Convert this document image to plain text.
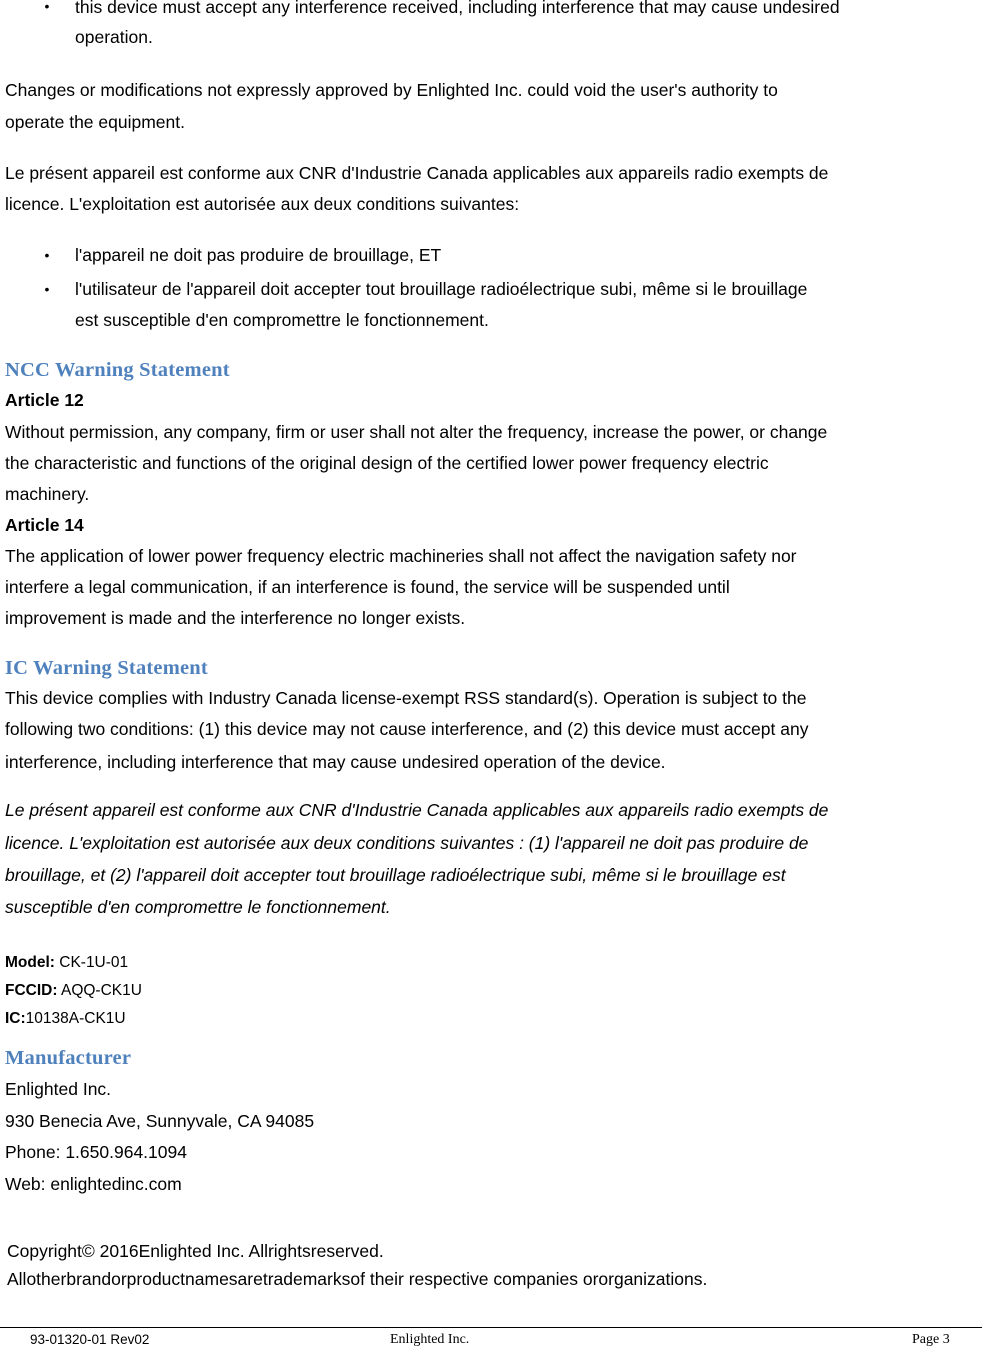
• this device must accept any interference received, including interference that may cause undesired
operation.
Changes or modifications not expressly approved by Enlighted Inc. could void the user's authority to
operate the equipment.
Le présent appareil est conforme aux CNR d'Industrie Canada applicables aux appareils radio exempts de
licence. L'exploitation est autorisée aux deux conditions suivantes:
• l'appareil ne doit pas produire de brouillage, ET
• l'utilisateur de l'appareil doit accepter tout brouillage radioélectrique subi, même si le brouillage
est susceptible d'en compromettre le fonctionnement.
NCC Warning Statement
Article 12
Without permission, any company, firm or user shall not alter the frequency, increase the power, or change
the characteristic and functions of the original design of the certified lower power frequency electric
machinery.
Article 14
The application of lower power frequency electric machineries shall not affect the navigation safety nor
interfere a legal communication, if an interference is found, the service will be suspended until
improvement is made and the interference no longer exists.
IC Warning Statement
This device complies with Industry Canada license-exempt RSS standard(s). Operation is subject to the
following two conditions: (1) this device may not cause interference, and (2) this device must accept any
interference, including interference that may cause undesired operation of the device.
Le présent appareil est conforme aux CNR d'Industrie Canada applicables aux appareils radio exempts de
licence. L'exploitation est autorisée aux deux conditions suivantes : (1) l'appareil ne doit pas produire de
brouillage, et (2) l'appareil doit accepter tout brouillage radioélectrique subi, même si le brouillage est
susceptible d'en compromettre le fonctionnement.
Model: CK-1U-01
FCCID: AQQ-CK1U
IC:10138A-CK1U
Manufacturer
Enlighted Inc.
930 Benecia Ave, Sunnyvale, CA 94085
Phone: 1.650.964.1094
Web: enlightedinc.com
Copyright© 2016Enlighted Inc. Allrightsreserved.
Allotherbrandorproductnamesaretrademarksof their respective companies ororganizations.
93-01320-01 Rev02	Enlighted Inc.	Page 3
